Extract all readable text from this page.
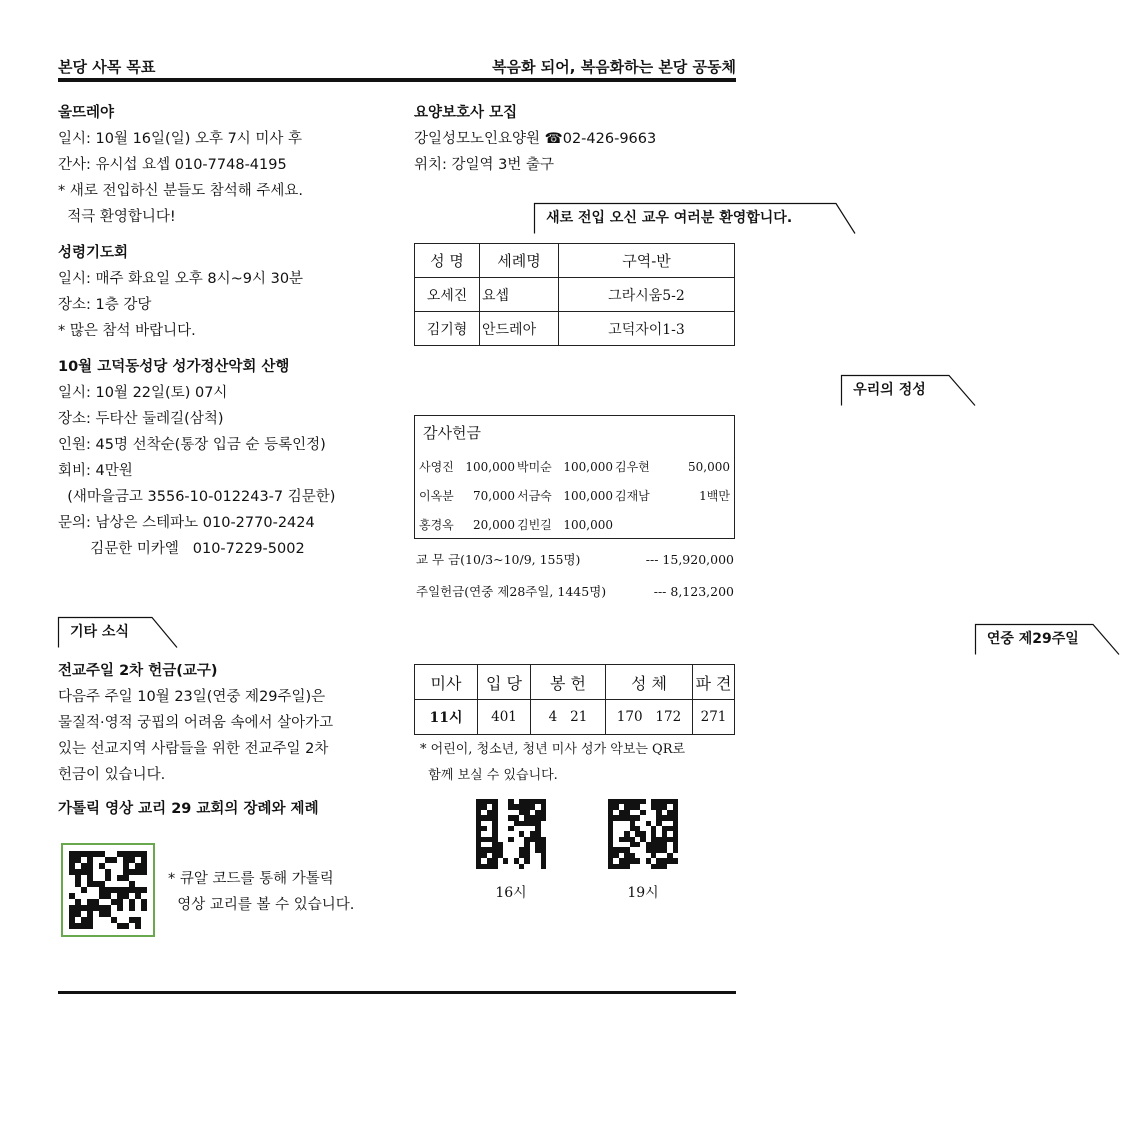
본당 사목 목표	복음화 되어, 복음화하는 본당 공동체

울뜨레야

일시: 10월 16일(일) 오후 7시 미사 후

간사: 유시섭 요셉 010-7748-4195

* 새로 전입하신 분들도 참석해 주세요.

적극 환영합니다!

성령기도회

일시: 매주 화요일 오후 8시~9시 30분

장소: 1층 강당

* 많은 참석 바랍니다.

10월 고덕동성당 성가정산악회 산행

일시: 10월 22일(토) 07시

장소: 두타산 둘레길(삼척)

인원: 45명 선착순(통장 입금 순 등록인정)

회비: 4만원

(새마을금고 3556-10-012243-7 김문한)

문의: 남상은 스테파노 010-2770-2424

김문한 미카엘   010-7229-5002

기타 소식

전교주일 2차 헌금(교구)

다음주 주일 10월 23일(연중 제29주일)은

물질적·영적 궁핍의 어려움 속에서 살아가고

있는 선교지역 사람들을 위한 전교주일 2차

헌금이 있습니다.

가톨릭 영상 교리 29 교회의 장례와 제례

* 큐알 코드를 통해 가톨릭

영상 교리를 볼 수 있습니다.

요양보호사 모집

강일성모노인요양원 ☎02-426-9663

위치: 강일역 3번 출구

새로 전입 오신 교우 여러분 환영합니다.
성 명	세례명	구역-반
오세진	요셉	그라시움5-2
김기형	안드레아	고덕자이1-3
우리의 정성
감사헌금
사영진 100,000 박미순 100,000 김우현	50,000
이옥분	70,000 서금숙 100,000 김재남	1백만
홍경옥	20,000 김빈길 100,000
교 무 금(10/3~10/9, 155명)	--- 15,920,000
주일헌금(연중 제28주일, 1445명)	--- 8,123,200
연중 제29주일
미사	입 당	봉 헌	성 체	파 견
11시	401	4   21	170   172	271
* 어린이, 청소년, 청년 미사 성가 악보는 QR로
함께 보실 수 있습니다.
16시	19시
